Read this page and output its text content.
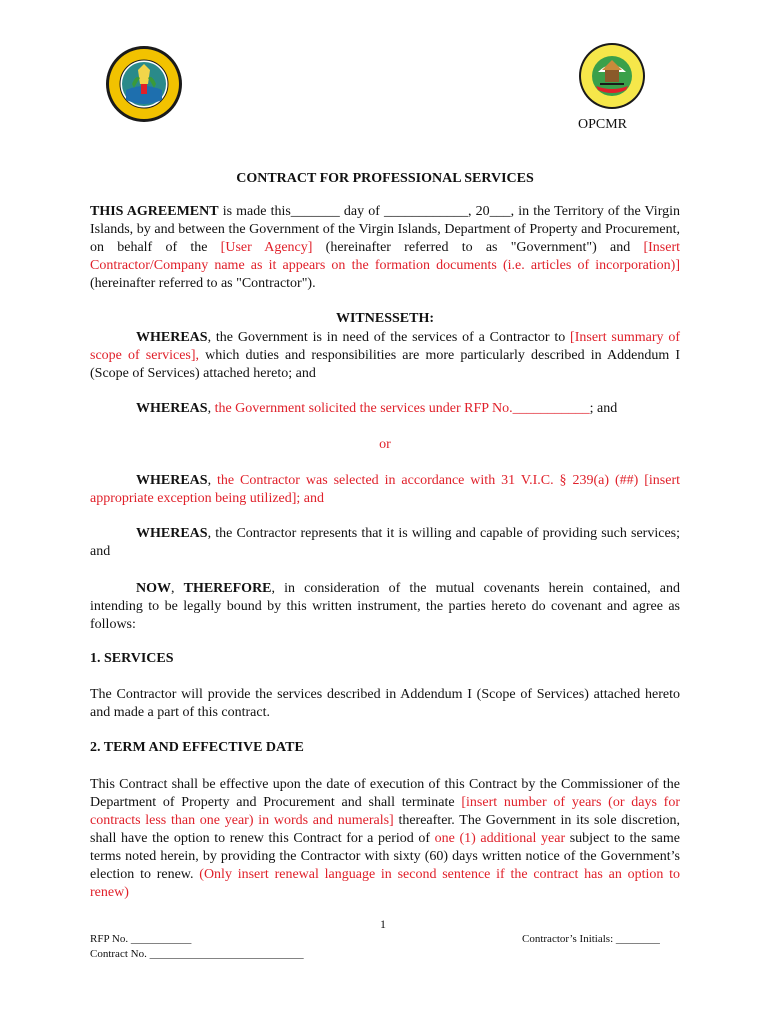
OPCMR
CONTRACT FOR PROFESSIONAL SERVICES
THIS AGREEMENT is made this_______ day of ____________, 20___, in the Territory of the Virgin Islands, by and between the Government of the Virgin Islands, Department of Property and Procurement, on behalf of the [User Agency] (hereinafter referred to as "Government") and [Insert Contractor/Company name as it appears on the formation documents (i.e. articles of incorporation)] (hereinafter referred to as "Contractor").
WITNESSETH:
WHEREAS, the Government is in need of the services of a Contractor to [Insert summary of scope of services], which duties and responsibilities are more particularly described in Addendum I (Scope of Services) attached hereto; and
WHEREAS, the Government solicited the services under RFP No.___________; and
or
WHEREAS, the Contractor was selected in accordance with 31 V.I.C. § 239(a) (##) [insert appropriate exception being utilized]; and
WHEREAS, the Contractor represents that it is willing and capable of providing such services; and
NOW, THEREFORE, in consideration of the mutual covenants herein contained, and intending to be legally bound by this written instrument, the parties hereto do covenant and agree as follows:
1. SERVICES
The Contractor will provide the services described in Addendum I (Scope of Services) attached hereto and made a part of this contract.
2. TERM AND EFFECTIVE DATE
This Contract shall be effective upon the date of execution of this Contract by the Commissioner of the Department of Property and Procurement and shall terminate [insert number of years (or days for contracts less than one year) in words and numerals] thereafter. The Government in its sole discretion, shall have the option to renew this Contract for a period of one (1) additional year subject to the same terms noted herein, by providing the Contractor with sixty (60) days written notice of the Government’s election to renew. (Only insert renewal language in second sentence if the contract has an option to renew)
1
RFP No. ___________
Contract No. ____________________________
Contractor’s Initials: ________
